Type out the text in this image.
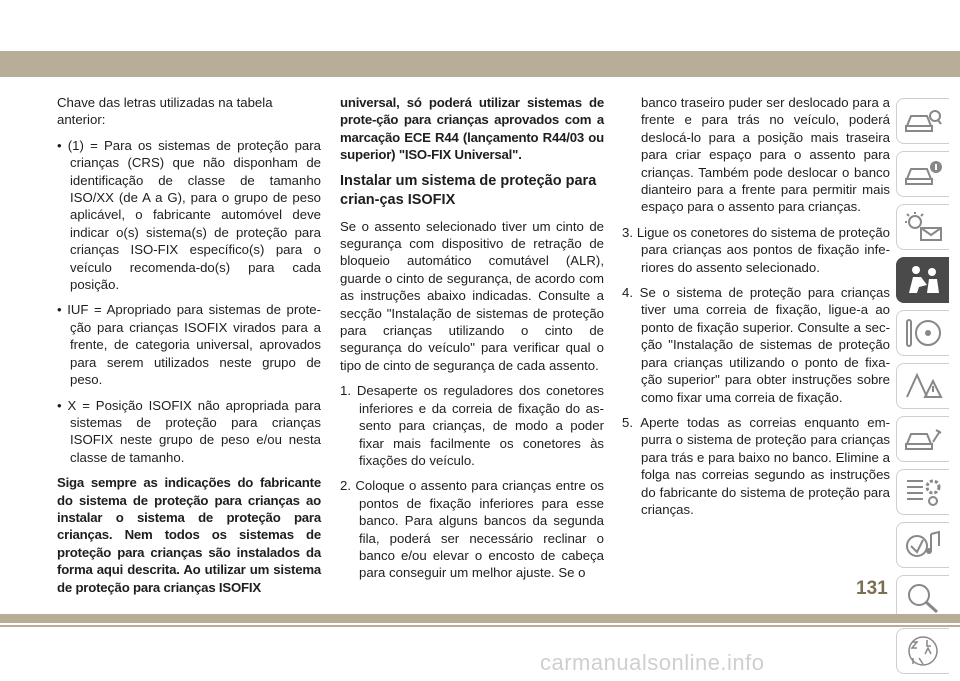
Chave das letras utilizadas na tabela anterior:

• (1) = Para os sistemas de proteção para crianças (CRS) que não disponham de identificação de classe de tamanho ISO/XX (de A a G), para o grupo de peso aplicável, o fabricante automóvel deve indicar o(s) sistema(s) de proteção para crianças ISO-FIX específico(s) para o veículo recomenda-do(s) para cada posição.

• IUF = Apropriado para sistemas de prote-ção para crianças ISOFIX virados para a frente, de categoria universal, aprovados para serem utilizados neste grupo de peso.

• X = Posição ISOFIX não apropriada para sistemas de proteção para crianças ISOFIX neste grupo de peso e/ou nesta classe de tamanho.

Siga sempre as indicações do fabricante do sistema de proteção para crianças ao instalar o sistema de proteção para crianças. Nem todos os sistemas de proteção para crianças são instalados da forma aqui descrita. Ao utilizar um sistema de proteção para crianças ISOFIX

universal, só poderá utilizar sistemas de prote-ção para crianças aprovados com a marcação ECE R44 (lançamento R44/03 ou superior) "ISO-FIX Universal".

Instalar um sistema de proteção para crian-ças ISOFIX

Se o assento selecionado tiver um cinto de segurança com dispositivo de retração de bloqueio automático comutável (ALR), guarde o cinto de segurança, de acordo com as instruções abaixo indicadas. Consulte a secção "Instalação de sistemas de proteção para crianças utilizando o cinto de segurança do veículo" para verificar qual o tipo de cinto de segurança de cada assento.

1. Desaperte os reguladores dos conetores inferiores e da correia de fixação do as-sento para crianças, de modo a poder fixar mais facilmente os conetores às fixações do veículo.

2. Coloque o assento para crianças entre os pontos de fixação inferiores para esse banco. Para alguns bancos da segunda fila, poderá ser necessário reclinar o banco e/ou elevar o encosto de cabeça para conseguir um melhor ajuste. Se o

banco traseiro puder ser deslocado para a frente e para trás no veículo, poderá deslocá-lo para a posição mais traseira para criar espaço para o assento para crianças. Também pode deslocar o banco dianteiro para a frente para permitir mais espaço para o assento para crianças.

3. Ligue os conetores do sistema de proteção para crianças aos pontos de fixação infe-riores do assento selecionado.

4. Se o sistema de proteção para crianças tiver uma correia de fixação, ligue-a ao ponto de fixação superior. Consulte a sec-ção "Instalação de sistemas de proteção para crianças utilizando o ponto de fixa-ção superior" para obter instruções sobre como fixar uma correia de fixação.

5. Aperte todas as correias enquanto em-purra o sistema de proteção para crianças para trás e para baixo no banco. Elimine a folga nas correias segundo as instruções do fabricante do sistema de proteção para crianças.

131
carmanualsonline.info
